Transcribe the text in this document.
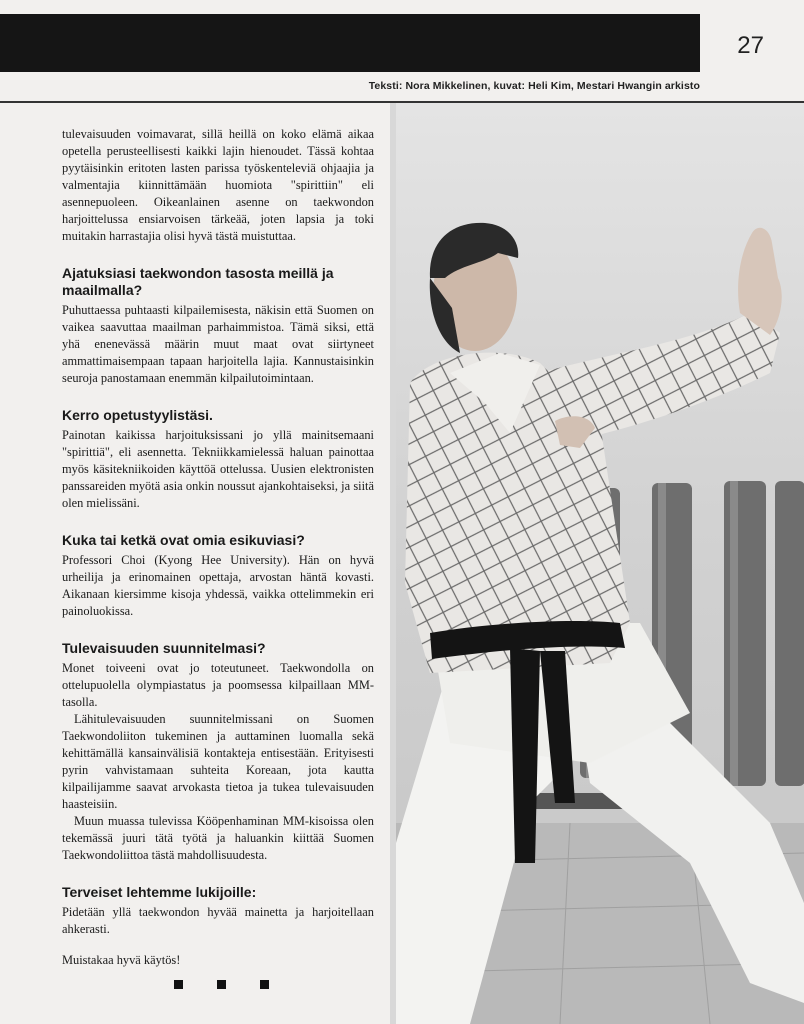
27
Teksti: Nora Mikkelinen, kuvat: Heli Kim, Mestari Hwangin arkisto

tulevaisuuden voimavarat, sillä heillä on koko elämä aikaa opetella perusteellisesti kaikki lajin hienoudet. Tässä kohtaa pyytäisinkin eritoten lasten parissa työskenteleviä ohjaajia ja valmentajia kiinnittämään huomiota "spirittiin" eli asennepuoleen. Oikeanlainen asenne on taekwondon harjoittelussa ensiarvoisen tärkeää, joten lapsia ja toki muitakin harrastajia olisi hyvä tästä muistuttaa.

Ajatuksiasi taekwondon tasosta meillä ja maailmalla?

Puhuttaessa puhtaasti kilpailemisesta, näkisin että Suomen on vaikea saavuttaa maailman parhaimmistoa. Tämä siksi, että yhä enenevässä määrin muut maat ovat siirtyneet ammattimaisempaan tapaan harjoitella lajia. Kannustaisinkin seuroja panostamaan enemmän kilpailutoimintaan.

Kerro opetustyylistäsi.

Painotan kaikissa harjoituksissani jo yllä mainitsemaani "spirittiä", eli asennetta. Tekniikkamielessä haluan painottaa myös käsitekniikoiden käyttöä ottelussa. Uusien elektronisten panssareiden myötä asia onkin noussut ajankohtaiseksi, ja siitä olen mielissäni.

Kuka tai ketkä ovat omia esikuviasi?

Professori Choi (Kyong Hee University). Hän on hyvä urheilija ja erinomainen opettaja, arvostan häntä kovasti. Aikanaan kiersimme kisoja yhdessä, vaikka ottelimmekin eri painoluokissa.

Tulevaisuuden suunnitelmasi?

Monet toiveeni ovat jo toteutuneet. Taekwondolla on ottelupuolella olympiastatus ja poomsessa kilpaillaan MM-tasolla.

Lähitulevaisuuden suunnitelmissani on Suomen Taekwondoliiton tukeminen ja auttaminen luomalla sekä kehittämällä kansainvälisiä kontakteja entisestään. Erityisesti pyrin vahvistamaan suhteita Koreaan, jota kautta kilpailijamme saavat arvokasta tietoa ja tukea tulevaisuuden haasteisiin.

Muun muassa tulevissa Kööpenhaminan MM-kisoissa olen tekemässä juuri tätä työtä ja haluankin kiittää Suomen Taekwondoliittoa tästä mahdollisuudesta.

Terveiset lehtemme lukijoille:

Pidetään yllä taekwondon hyvää mainetta ja harjoitellaan ahkerasti.

Muistakaa hyvä käytös!
